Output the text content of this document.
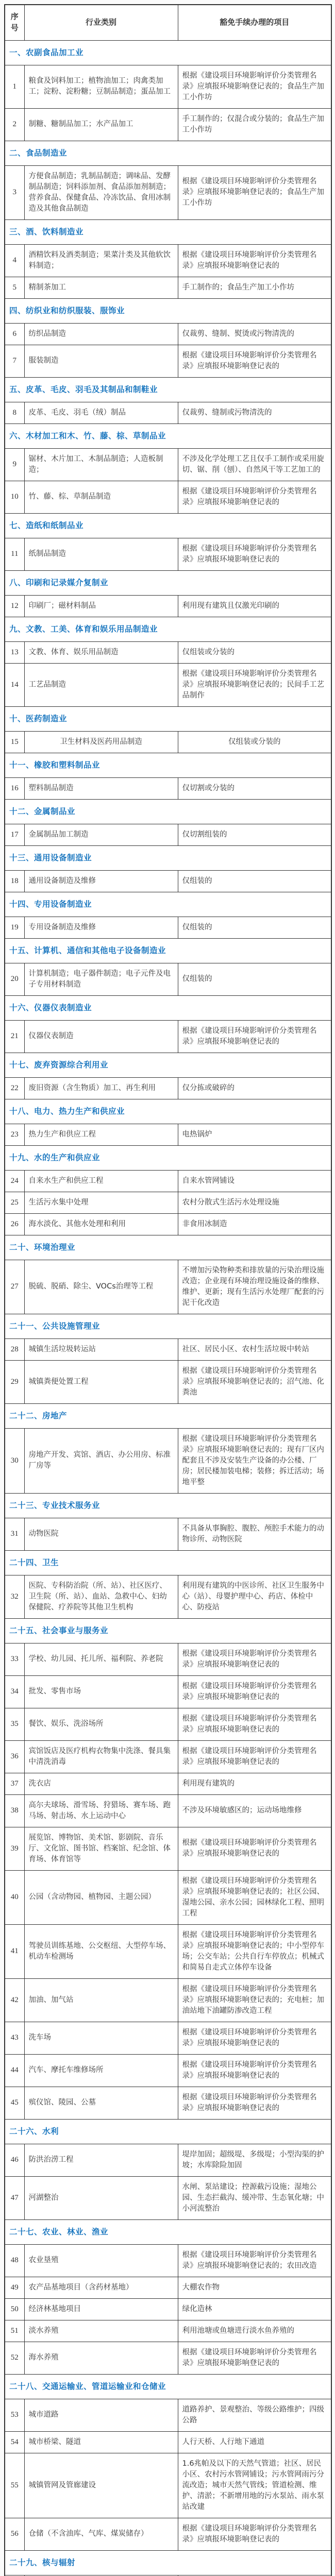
序号	行业类别	豁免手续办理的项目
一、农副食品加工业		
1	粮食及饲料加工；植物油加工；肉禽类加工；淀粉、淀粉糖；豆制品制造；蛋品加工	根据《建设项目环境影响评价分类管理名录》应填报环境影响登记表的；食品生产加工小作坊
2	制糖、糖制品加工；水产品加工	手工制作的；仅混合或分装的；食品生产加工小作坊
二、食品制造业		
3	方便食品制造；乳制品制造；调味品、发酵制品制造；饲料添加剂、食品添加剂制造；营养食品、保健食品、冷冻饮品、食用冰制造及其他食品制造	根据《建设项目环境影响评价分类管理名录》应填报环境影响登记表的；食品生产加工小作坊
三、酒、饮料制造业		
4	酒精饮料及酒类制造；果菜汁类及其他软饮料制造；	根据《建设项目环境影响评价分类管理名录》应填报环境影响登记表的
5	精制茶加工	手工制作的；食品生产加工小作坊
四、纺织业和纺织服装、服饰业		
6	纺织品制造	仅裁剪、缝制、熨烫或污物清洗的
7	服装制造	根据《建设项目环境影响评价分类管理名录》应填报环境影响登记表的
五、皮革、毛皮、羽毛及其制品和制鞋业		
8	皮革、毛皮、羽毛（绒）制品	仅裁剪、缝制或污物清洗的
六、木材加工和木、竹、藤、棕、草制品业		
9	锯材、木片加工、木制品制造；人造板制造；	不涉及化学处理工艺且仅手工制作或采用旋切、锯、削（刨）、自然风干等工艺加工的
10	竹、藤、棕、草制品制造	根据《建设项目环境影响评价分类管理名录》应填报环境影响登记表的
七、造纸和纸制品业		
11	纸制品制造	根据《建设项目环境影响评价分类管理名录》应填报环境影响登记表的
八、印刷和记录媒介复制业		
12	印刷厂；磁材料制品	利用现有建筑且仅激光印刷的
九、文教、工美、体育和娱乐用品制造业		
13	文教、体育、娱乐用品制造	仅组装或分装的
14	工艺品制造	根据《建设项目环境影响评价分类管理名录》应填报环境影响登记表的；民间手工艺品制作
十、医药制造业		
15	卫生材料及医药用品制造	仅组装或分装的
十一、橡胶和塑料制品业		
16	塑料制品制造	仅切割或分装的
十二、金属制品业		
17	金属制品加工制造	仅切割组装的
十三、通用设备制造业		
18	通用设备制造及维修	仅组装的
十四、专用设备制造业		
19	专用设备制造及维修	仅组装的
十五、计算机、通信和其他电子设备制造业		
20	计算机制造；电子器件制造；电子元件及电子专用材料制造	仅组装的
十六、仪器仪表制造业		
21	仪器仪表制造	根据《建设项目环境影响评价分类管理名录》应填报环境影响登记表的
十七、废弃资源综合利用业		
22	废旧资源（含生物质）加工、再生利用	仅分拣或破碎的
十八、电力、热力生产和供应业		
23	热力生产和供应工程	电热锅炉
十九、水的生产和供应业		
24	自来水生产和供应工程	自来水管网铺设
25	生活污水集中处理	农村分散式生活污水处理设施
26	海水淡化、其他水处理和利用	非食用冰制造
二十、环境治理业		
27	脱硫、脱硝、除尘、VOCs治理等工程	不增加污染物种类和排放量的污染治理设施改造；企业现有环境治理设施设备的维修、维护、更新；现有生活污水处理厂配套的污泥干化改造
二十一、公共设施管理业		
28	城镇生活垃圾转运站	社区、居民小区、农村生活垃圾中转站
29	城镇粪便处置工程	根据《建设项目环境影响评价分类管理名录》应填报环境影响登记表的；沼气池、化粪池
二十二、房地产		
30	房地产开发、宾馆、酒店、办公用房、标准厂房等	根据《建设项目环境影响评价分类管理名录》应填报环境影响登记表的；现有厂区内配套且不涉及安装生产设备的办公楼、厂房；居民楼加装电梯；装修；拆迁活动；场地平整
二十三、专业技术服务业		
31	动物医院	不具备从事胸腔、腹腔、颅腔手术能力的动物诊所、动物医院
二十四、卫生		
32	医院、专科防治院（所、站）、社区医疗、卫生院（所、站）、血站、急救中心、妇幼保健院、疗养院等其他卫生机构	利用现有建筑的中医诊所、社区卫生服务中心（站）、母婴护理中心、药店、体检中心、防疫站
二十五、社会事业与服务业		
33	学校、幼儿园、托儿所、福利院、养老院	根据《建设项目环境影响评价分类管理名录》应填报环境影响登记表的
34	批发、零售市场	根据《建设项目环境影响评价分类管理名录》应填报环境影响登记表的
35	餐饮、娱乐、洗浴场所	根据《建设项目环境影响评价分类管理名录》应填报环境影响登记表的
36	宾馆饭店及医疗机构衣物集中洗涤、餐具集中清洗消毒	根据《建设项目环境影响评价分类管理名录》应填报环境影响登记表的
37	洗衣店	利用现有建筑的
38	高尔夫球场、滑雪场、狩猎场、赛车场、跑马场、射击场、水上运动中心	不涉及环境敏感区的；运动场地维修
39	展览馆、博物馆、美术馆、影剧院、音乐厅、文化馆、图书馆、档案馆、纪念馆、体育场、体育馆等	根据《建设项目环境影响评价分类管理名录》应填报环境影响登记表的
40	公园（含动物园、植物园、主题公园）	根据《建设项目环境影响评价分类管理名录》应填报环境影响登记表的；社区公园、湿地公园、亲水公园；园林绿化工程、照明工程
41	驾驶员训练基地、公交枢纽、大型停车场、机动车检测场	根据《建设项目环境影响评价分类管理名录》应填报环境影响登记表的；中小型停车场；公交车站；公共自行车停放点；机械式和简易自走式立体停车设备
42	加油、加气站	根据《建设项目环境影响评价分类管理名录》应填报环境影响登记表的；充电桩；加油站地下油罐防渗改造工程
43	洗车场	根据《建设项目环境影响评价分类管理名录》应填报环境影响登记表的
44	汽车、摩托车维修场所	根据《建设项目环境影响评价分类管理名录》应填报环境影响登记表的
45	殡仪馆、陵园、公墓	根据《建设项目环境影响评价分类管理名录》应填报环境影响登记表的
二十六、水利		
46	防洪治涝工程	堤岸加固；超级堤、多级堤；小型沟渠的护坡；水库除险加固
47	河湖整治	水闸、泵站建设；控源截污设施；湿地公园、生态拦截沟、缓冲带、生态氧化塘；中小河流整治
二十七、农业、林业、渔业		
48	农业垦殖	根据《建设项目环境影响评价分类管理名录》应填报环境影响登记表的；农田改造
49	农产品基地项目（含药材基地）	大棚农作物
50	经济林基地项目	绿化造林
51	淡水养殖	利用池塘或鱼塘进行淡水鱼养殖的
52	海水养殖	根据《建设项目环境影响评价分类管理名录》应填报环境影响登记表的
二十八、交通运输业、管道运输业和仓储业		
53	城市道路	道路养护、景观整治、等级公路维护；四级公路
54	城市桥梁、隧道	人行天桥、人行地下通道
55	城镇管网及管廊建设	1.6兆帕及以下的天然气管道；社区、居民小区、农村污水管网铺设；污水管网雨污分流改造；城市天然气管线；管道检测、维护、清淤；不新增用地的污水泵站、雨水泵站改建
56	仓储（不含油库、气库、煤炭储存）	根据《建设项目环境影响评价分类管理名录》应填报环境影响登记表的
二十九、核与辐射		
